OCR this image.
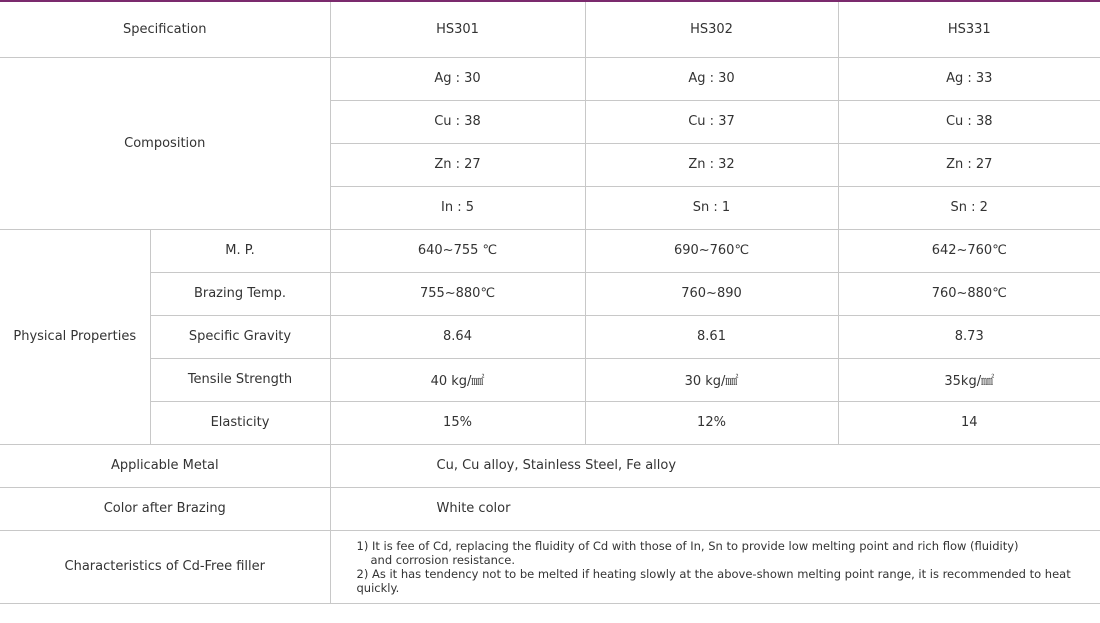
Specification		HS301	HS302	HS331
Composition		Ag : 30	Ag : 30	Ag : 33
		Cu : 38	Cu : 37	Cu : 38
		Zn : 27	Zn : 32	Zn : 27
		In : 5	Sn : 1	Sn : 2
Physical Properties	M. P.	640~755 ℃	690~760℃	642~760℃
	Brazing Temp.	755~880℃	760~890	760~880℃
	Specific Gravity	8.64	8.61	8.73
	Tensile Strength	40 kg/㎟	30 kg/㎟	35kg/㎟
	Elasticity	15%	12%	14
Applicable Metal		Cu, Cu alloy, Stainless Steel, Fe alloy		
Color after Brazing		White color		
Characteristics of Cd-Free filler		1) It is fee of Cd, replacing the fluidity of Cd with those of In, Sn to provide low melting point and rich flow (fluidity)
and corrosion resistance.
2) As it has tendency not to be melted if heating slowly at the above-shown melting point range, it is recommended to heat quickly.		
